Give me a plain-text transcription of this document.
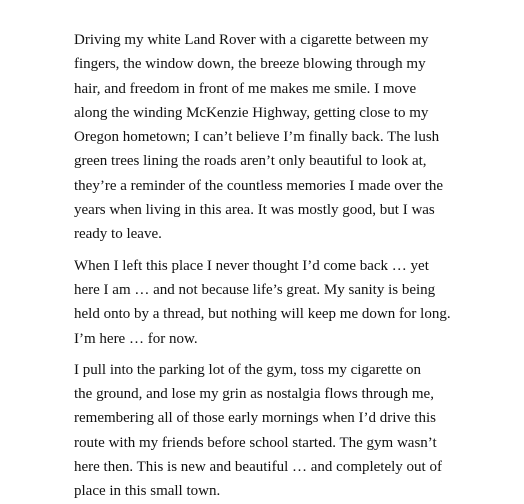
Driving my white Land Rover with a cigarette between my
fingers, the window down, the breeze blowing through my
hair, and freedom in front of me makes me smile. I move
along the winding McKenzie Highway, getting close to my
Oregon hometown; I can’t believe I’m finally back. The lush
green trees lining the roads aren’t only beautiful to look at,
they’re a reminder of the countless memories I made over the
years when living in this area. It was mostly good, but I was
ready to leave.

When I left this place I never thought I’d come back … yet
here I am … and not because life’s great. My sanity is being
held onto by a thread, but nothing will keep me down for long.
I’m here … for now.

I pull into the parking lot of the gym, toss my cigarette on
the ground, and lose my grin as nostalgia flows through me,
remembering all of those early mornings when I’d drive this
route with my friends before school started. The gym wasn’t
here then. This is new and beautiful … and completely out of
place in this small town.
